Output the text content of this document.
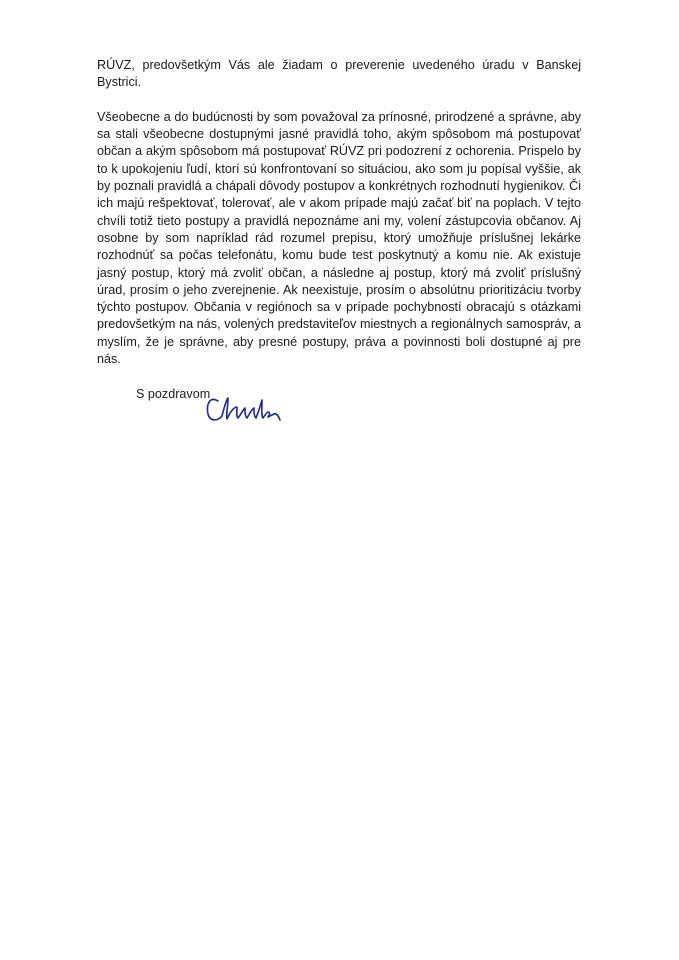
RÚVZ, predovšetkým Vás ale žiadam o preverenie uvedeného úradu v Banskej Bystrici.

Všeobecne a do budúcnosti by som považoval za prínosné, prirodzené a správne, aby sa stali všeobecne dostupnými jasné pravidlá toho, akým spôsobom má postupovať občan a akým spôsobom má postupovať RÚVZ pri podozrení z ochorenia. Prispelo by to k upokojeniu ľudí, ktorí sú konfrontovaní so situáciou, ako som ju popísal vyššie, ak by poznali pravidlá a chápali dôvody postupov a konkrétnych rozhodnutí hygienikov. Či ich majú rešpektovať, tolerovať, ale v akom prípade majú začať biť na poplach. V tejto chvíli totiž tieto postupy a pravidlá nepoznáme ani my, volení zástupcovia občanov. Aj osobne by som napríklad rád rozumel prepisu, ktorý umožňuje príslušnej lekárke rozhodnúť sa počas telefonátu, komu bude test poskytnutý a komu nie. Ak existuje jasný postup, ktorý má zvoliť občan, a následne aj postup, ktorý má zvoliť príslušný úrad, prosím o jeho zverejnenie. Ak neexistuje, prosím o absolútnu prioritizáciu tvorby týchto postupov. Občania v regiónoch sa v prípade pochybností obracajú s otázkami predovšetkým na nás, volených predstaviteľov miestnych a regionálnych samospráv, a myslím, že je správne, aby presné postupy, práva a povinnosti boli dostupné aj pre nás.

S pozdravom
